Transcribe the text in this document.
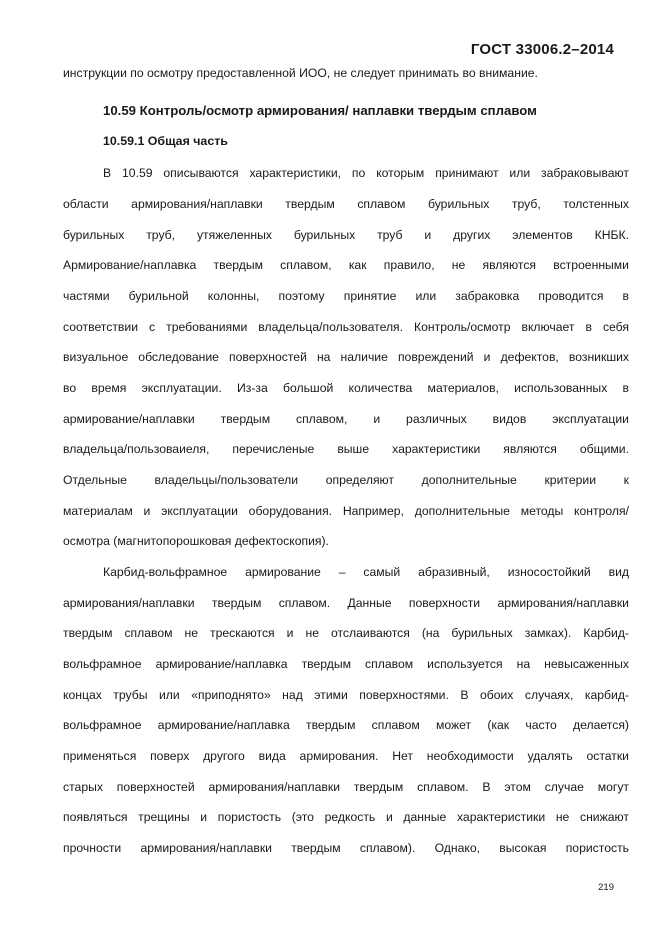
ГОСТ 33006.2–2014
инструкции по осмотру предоставленной ИОО, не следует принимать во внимание.
10.59 Контроль/осмотр армирования/ наплавки твердым сплавом
10.59.1 Общая часть
В 10.59 описываются характеристики, по которым принимают или забраковывают
области армирования/наплавки твердым сплавом бурильных труб, толстенных
бурильных труб, утяжеленных бурильных труб и других элементов КНБК.
Армирование/наплавка твердым сплавом, как правило, не являются встроенными
частями бурильной колонны, поэтому принятие или забраковка проводится в
соответствии с требованиями владельца/пользователя. Контроль/осмотр включает в себя
визуальное обследование поверхностей на наличие повреждений и дефектов, возникших
во время эксплуатации. Из-за большой количества материалов, использованных в
армирование/наплавки твердым сплавом, и различных видов эксплуатации
владельца/пользоваиеля, перечисленые выше характеристики являются общими.
Отдельные владельцы/пользователи определяют дополнительные критерии к
материалам и эксплуатации оборудования. Например, дополнительные методы контроля/
осмотра (магнитопорошковая дефектоскопия).
Карбид-вольфрамное армирование – самый абразивный, износостойкий вид
армирования/наплавки твердым сплавом. Данные поверхности армирования/наплавки
твердым сплавом не трескаются и не отслаиваются (на бурильных замках). Карбид-
вольфрамное армирование/наплавка твердым сплавом используется на невысаженных
концах трубы или «приподнято» над этими поверхностями. В обоих случаях, карбид-
вольфрамное армирование/наплавка твердым сплавом может (как часто делается)
применяться поверх другого вида армирования. Нет необходимости удалять остатки
старых поверхностей армирования/наплавки твердым сплавом. В этом случае могут
появляться трещины и пористость (это редкость и данные характеристики не снижают
прочности армирования/наплавки твердым сплавом). Однако, высокая пористость
219
